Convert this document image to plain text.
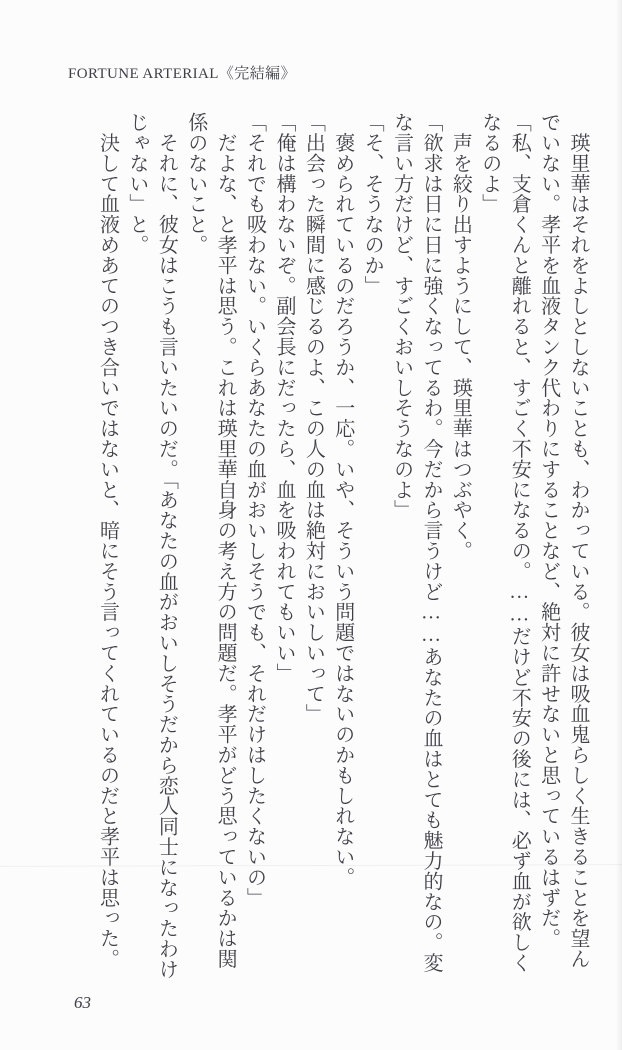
FORTUNE ARTERIAL《完結編》

　瑛里華はそれをよしとしないことも、わかっている。彼女は吸血鬼らしく生きることを望ん

でいない。孝平を血液タンク代わりにすることなど、絶対に許せないと思っているはずだ。

「私、支倉くんと離れると、すごく不安になるの。……だけど不安の後には、必ず血が欲しく

なるのよ」

　声を絞り出すようにして、瑛里華はつぶやく。

「欲求は日に日に強くなってるわ。今だから言うけど……あなたの血はとても魅力的なの。変

な言い方だけど、すごくおいしそうなのよ」

「そ、そうなのか」

　褒められているのだろうか、一応。いや、そういう問題ではないのかもしれない。

「出会った瞬間に感じるのよ、この人の血は絶対においしいって」

「俺は構わないぞ。副会長にだったら、血を吸われてもいい」

「それでも吸わない。いくらあなたの血がおいしそうでも、それだけはしたくないの」

　だよな、と孝平は思う。これは瑛里華自身の考え方の問題だ。孝平がどう思っているかは関

係のないこと。

　それに、彼女はこうも言いたいのだ。「あなたの血がおいしそうだから恋人同士になったわけ

じゃない」と。

　決して血液めあてのつき合いではないと、暗にそう言ってくれているのだと孝平は思った。

63
